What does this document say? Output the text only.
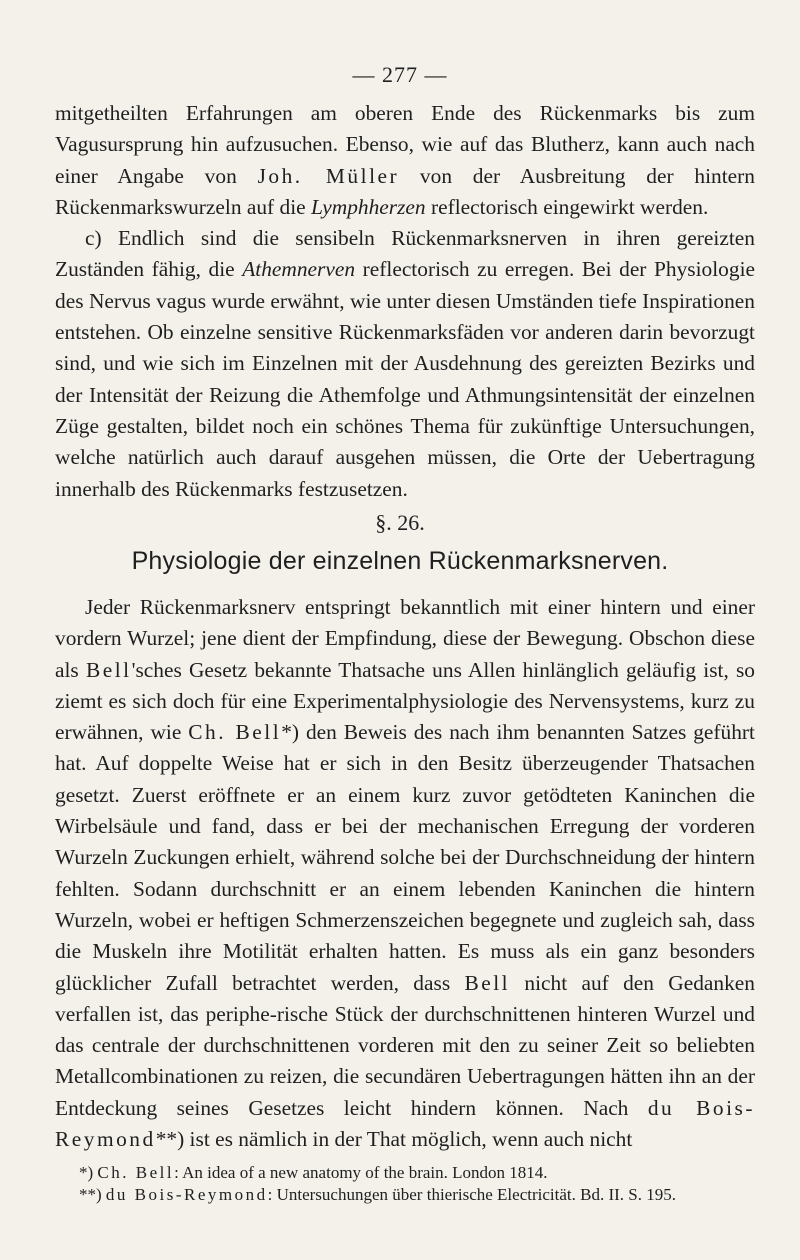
— 277 —

mitgetheilten Erfahrungen am oberen Ende des Rückenmarks bis zum Vagusursprung hin aufzusuchen. Ebenso, wie auf das Blutherz, kann auch nach einer Angabe von Joh. Müller von der Ausbreitung der hintern Rückenmarkswurzeln auf die Lymphherzen reflectorisch eingewirkt werden.

c) Endlich sind die sensibeln Rückenmarksnerven in ihren gereizten Zuständen fähig, die Athemnerven reflectorisch zu erregen. Bei der Physiologie des Nervus vagus wurde erwähnt, wie unter diesen Umständen tiefe Inspirationen entstehen. Ob einzelne sensitive Rückenmarksfäden vor anderen darin bevorzugt sind, und wie sich im Einzelnen mit der Ausdehnung des gereizten Bezirks und der Intensität der Reizung die Athemfolge und Athmungsintensität der einzelnen Züge gestalten, bildet noch ein schönes Thema für zukünftige Untersuchungen, welche natürlich auch darauf ausgehen müssen, die Orte der Uebertragung innerhalb des Rückenmarks festzusetzen.

§. 26.
Physiologie der einzelnen Rückenmarksnerven.

Jeder Rückenmarksnerv entspringt bekanntlich mit einer hintern und einer vordern Wurzel; jene dient der Empfindung, diese der Bewegung. Obschon diese als Bell'sches Gesetz bekannte Thatsache uns Allen hinlänglich geläufig ist, so ziemt es sich doch für eine Experimentalphysiologie des Nervensystems, kurz zu erwähnen, wie Ch. Bell*) den Beweis des nach ihm benannten Satzes geführt hat. Auf doppelte Weise hat er sich in den Besitz überzeugender Thatsachen gesetzt. Zuerst eröffnete er an einem kurz zuvor getödteten Kaninchen die Wirbelsäule und fand, dass er bei der mechanischen Erregung der vorderen Wurzeln Zuckungen erhielt, während solche bei der Durchschneidung der hintern fehlten. Sodann durchschnitt er an einem lebenden Kaninchen die hintern Wurzeln, wobei er heftigen Schmerzenszeichen begegnete und zugleich sah, dass die Muskeln ihre Motilität erhalten hatten. Es muss als ein ganz besonders glücklicher Zufall betrachtet werden, dass Bell nicht auf den Gedanken verfallen ist, das periphe-rische Stück der durchschnittenen hinteren Wurzel und das centrale der durchschnittenen vorderen mit den zu seiner Zeit so beliebten Metallcombinationen zu reizen, die secundären Uebertragungen hätten ihn an der Entdeckung seines Gesetzes leicht hindern können. Nach du Bois-Reymond**) ist es nämlich in der That möglich, wenn auch nicht

*) Ch. Bell: An idea of a new anatomy of the brain. London 1814.

**) du Bois-Reymond: Untersuchungen über thierische Electricität. Bd. II. S. 195.
